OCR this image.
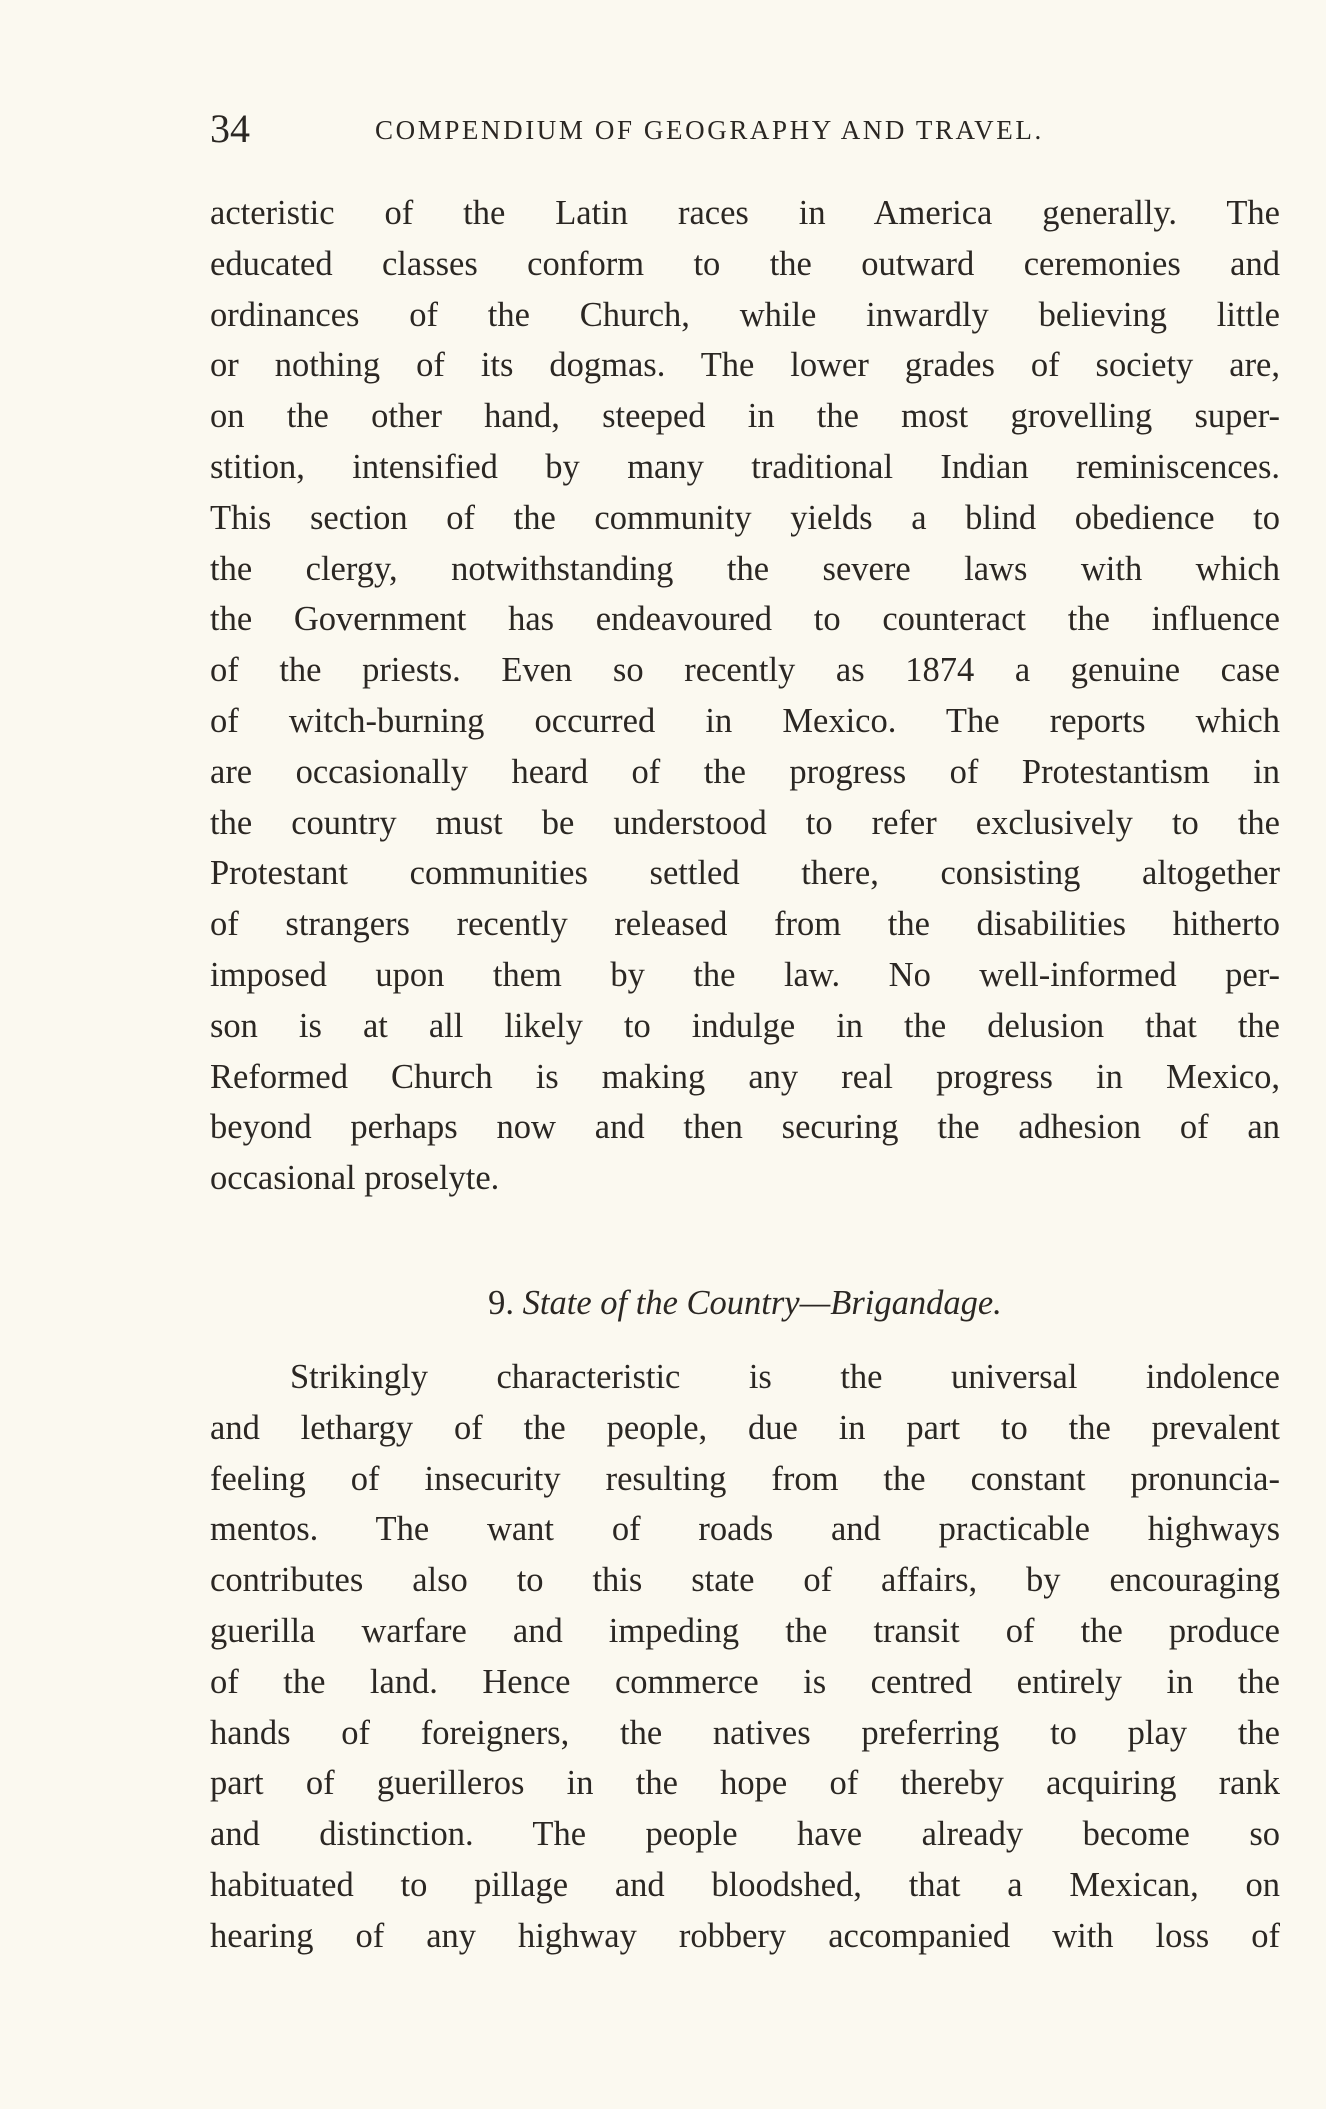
34	COMPENDIUM OF GEOGRAPHY AND TRAVEL.
acteristic of the Latin races in America generally. The
educated classes conform to the outward ceremonies and
ordinances of the Church, while inwardly believing little
or nothing of its dogmas. The lower grades of society are,
on the other hand, steeped in the most grovelling super-
stition, intensified by many traditional Indian reminiscences.
This section of the community yields a blind obedience to
the clergy, notwithstanding the severe laws with which
the Government has endeavoured to counteract the influence
of the priests. Even so recently as 1874 a genuine case
of witch-burning occurred in Mexico. The reports which
are occasionally heard of the progress of Protestantism in
the country must be understood to refer exclusively to the
Protestant communities settled there, consisting altogether
of strangers recently released from the disabilities hitherto
imposed upon them by the law. No well-informed per-
son is at all likely to indulge in the delusion that the
Reformed Church is making any real progress in Mexico,
beyond perhaps now and then securing the adhesion of an
occasional proselyte.
9. State of the Country—Brigandage.
Strikingly characteristic is the universal indolence
and lethargy of the people, due in part to the prevalent
feeling of insecurity resulting from the constant pronuncia-
mentos. The want of roads and practicable highways
contributes also to this state of affairs, by encouraging
guerilla warfare and impeding the transit of the produce
of the land. Hence commerce is centred entirely in the
hands of foreigners, the natives preferring to play the
part of guerilleros in the hope of thereby acquiring rank
and distinction. The people have already become so
habituated to pillage and bloodshed, that a Mexican, on
hearing of any highway robbery accompanied with loss of
